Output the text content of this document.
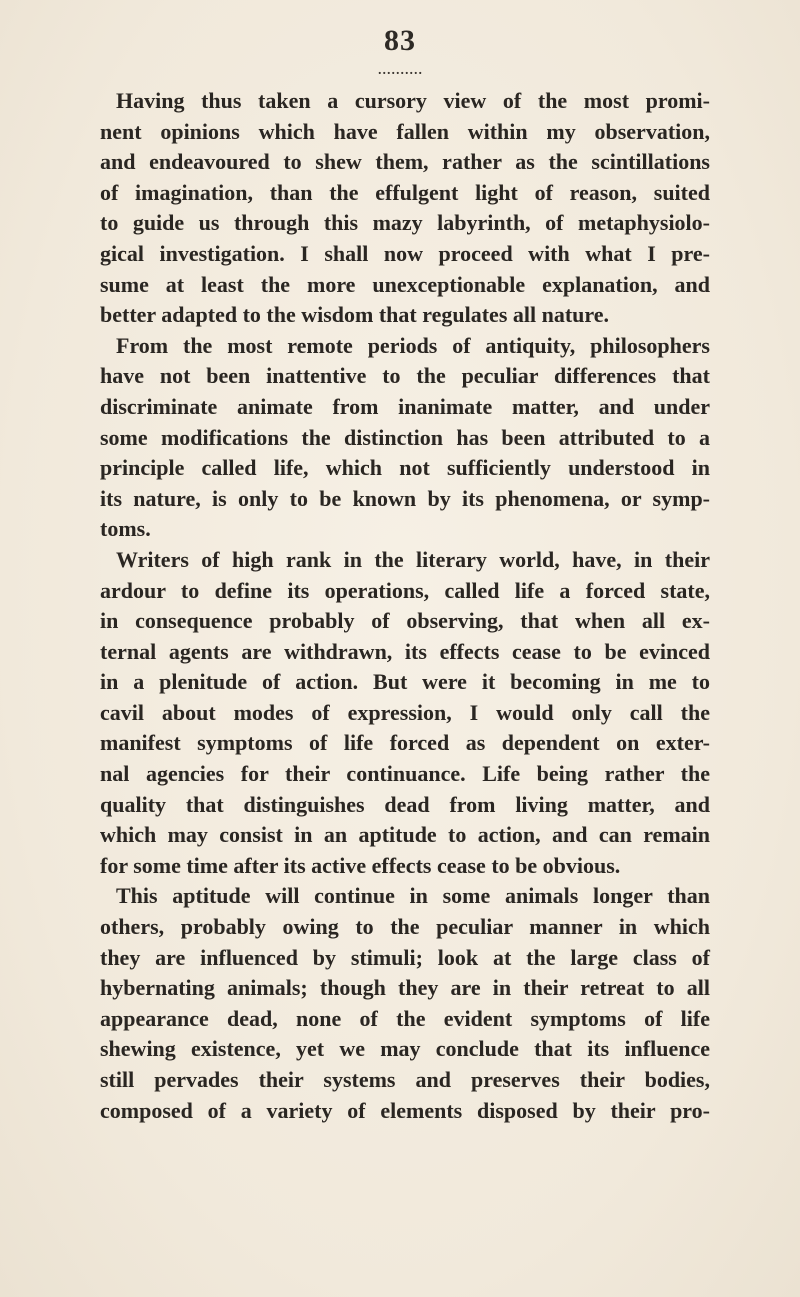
83
..........
Having thus taken a cursory view of the most promi-
nent opinions which have fallen within my observation,
and endeavoured to shew them, rather as the scintillations
of imagination, than the effulgent light of reason, suited
to guide us through this mazy labyrinth, of metaphysiolo-
gical investigation. I shall now proceed with what I pre-
sume at least the more unexceptionable explanation, and
better adapted to the wisdom that regulates all nature.
From the most remote periods of antiquity, philosophers
have not been inattentive to the peculiar differences that
discriminate animate from inanimate matter, and under
some modifications the distinction has been attributed to a
principle called life, which not sufficiently understood in
its nature, is only to be known by its phenomena, or symp-
toms.
Writers of high rank in the literary world, have, in their
ardour to define its operations, called life a forced state,
in consequence probably of observing, that when all ex-
ternal agents are withdrawn, its effects cease to be evinced
in a plenitude of action. But were it becoming in me to
cavil about modes of expression, I would only call the
manifest symptoms of life forced as dependent on exter-
nal agencies for their continuance. Life being rather the
quality that distinguishes dead from living matter, and
which may consist in an aptitude to action, and can remain
for some time after its active effects cease to be obvious.
This aptitude will continue in some animals longer than
others, probably owing to the peculiar manner in which
they are influenced by stimuli; look at the large class of
hybernating animals; though they are in their retreat to all
appearance dead, none of the evident symptoms of life
shewing existence, yet we may conclude that its influence
still pervades their systems and preserves their bodies,
composed of a variety of elements disposed by their pro-
